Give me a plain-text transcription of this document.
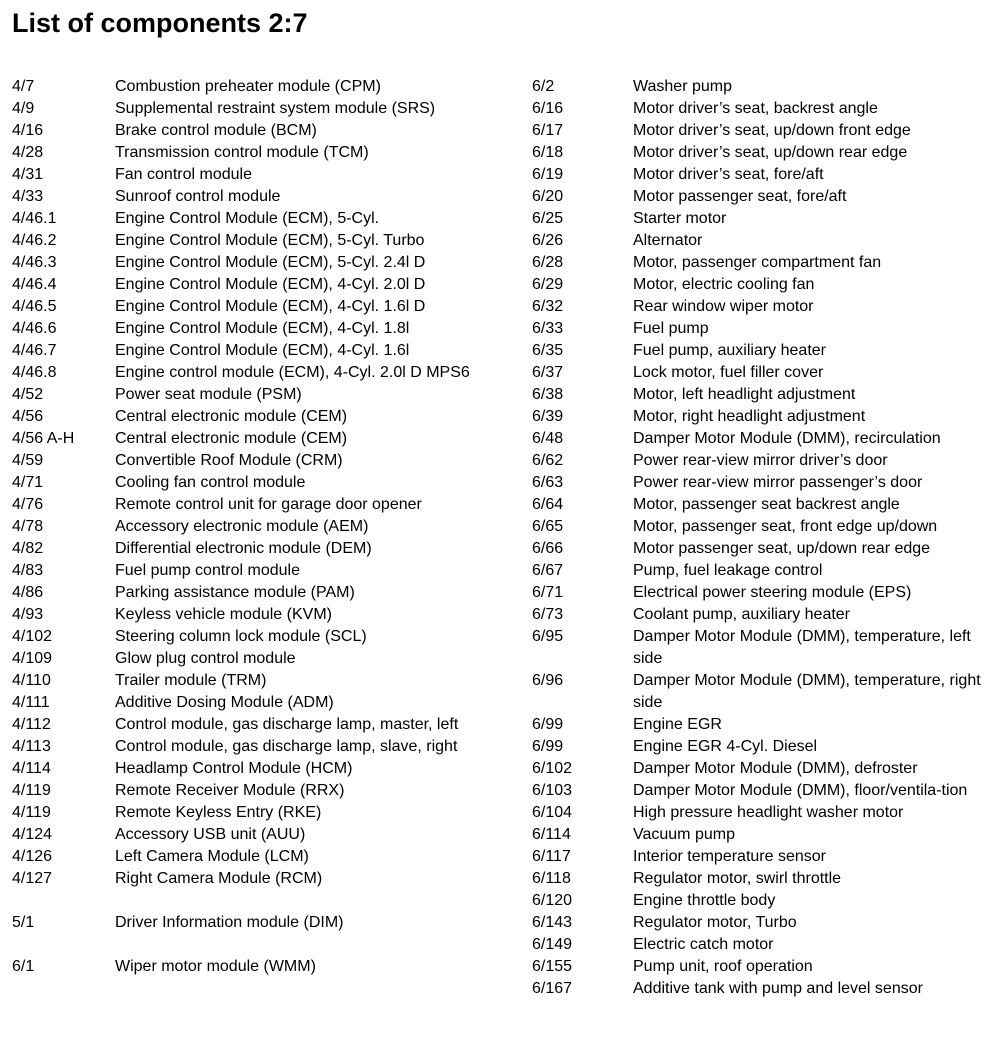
List of components 2:7
4/7	Combustion preheater module (CPM)
4/9	Supplemental restraint system module (SRS)
4/16	Brake control module (BCM)
4/28	Transmission control module (TCM)
4/31	Fan control module
4/33	Sunroof control module
4/46.1	Engine Control Module (ECM), 5-Cyl.
4/46.2	Engine Control Module (ECM), 5-Cyl. Turbo
4/46.3	Engine Control Module (ECM), 5-Cyl. 2.4l D
4/46.4	Engine Control Module (ECM), 4-Cyl. 2.0l D
4/46.5	Engine Control Module (ECM), 4-Cyl. 1.6l D
4/46.6	Engine Control Module (ECM), 4-Cyl. 1.8l
4/46.7	Engine Control Module (ECM), 4-Cyl. 1.6l
4/46.8	Engine control module (ECM), 4-Cyl. 2.0l D MPS6
4/52	Power seat module (PSM)
4/56	Central electronic module (CEM)
4/56 A-H	Central electronic module (CEM)
4/59	Convertible Roof Module (CRM)
4/71	Cooling fan control module
4/76	Remote control unit for garage door opener
4/78	Accessory electronic module (AEM)
4/82	Differential electronic module (DEM)
4/83	Fuel pump control module
4/86	Parking assistance module (PAM)
4/93	Keyless vehicle module (KVM)
4/102	Steering column lock module (SCL)
4/109	Glow plug control module
4/110	Trailer module (TRM)
4/111	Additive Dosing Module (ADM)
4/112	Control module, gas discharge lamp, master, left
4/113	Control module, gas discharge lamp, slave, right
4/114	Headlamp Control Module (HCM)
4/119	Remote Receiver Module (RRX)
4/119	Remote Keyless Entry (RKE)
4/124	Accessory USB unit (AUU)
4/126	Left Camera Module (LCM)
4/127	Right Camera Module (RCM)
5/1	Driver Information module (DIM)
6/1	Wiper motor module (WMM)
6/2	Washer pump
6/16	Motor driver’s seat, backrest angle
6/17	Motor driver’s seat, up/down front edge
6/18	Motor driver’s seat, up/down rear edge
6/19	Motor driver’s seat, fore/aft
6/20	Motor passenger seat, fore/aft
6/25	Starter motor
6/26	Alternator
6/28	Motor, passenger compartment fan
6/29	Motor, electric cooling fan
6/32	Rear window wiper motor
6/33	Fuel pump
6/35	Fuel pump, auxiliary heater
6/37	Lock motor, fuel filler cover
6/38	Motor, left headlight adjustment
6/39	Motor, right headlight adjustment
6/48	Damper Motor Module (DMM), recirculation
6/62	Power rear-view mirror driver’s door
6/63	Power rear-view mirror passenger’s door
6/64	Motor, passenger seat backrest angle
6/65	Motor, passenger seat, front edge up/down
6/66	Motor passenger seat, up/down rear edge
6/67	Pump, fuel leakage control
6/71	Electrical power steering module (EPS)
6/73	Coolant pump, auxiliary heater
6/95	Damper Motor Module (DMM), temperature, left side
6/96	Damper Motor Module (DMM), temperature, right side
6/99	Engine EGR
6/99	Engine EGR 4-Cyl. Diesel
6/102	Damper Motor Module (DMM), defroster
6/103	Damper Motor Module (DMM), floor/ventila-tion
6/104	High pressure headlight washer motor
6/114	Vacuum pump
6/117	Interior temperature sensor
6/118	Regulator motor, swirl throttle
6/120	Engine throttle body
6/143	Regulator motor, Turbo
6/149	Electric catch motor
6/155	Pump unit, roof operation
6/167	Additive tank with pump and level sensor
